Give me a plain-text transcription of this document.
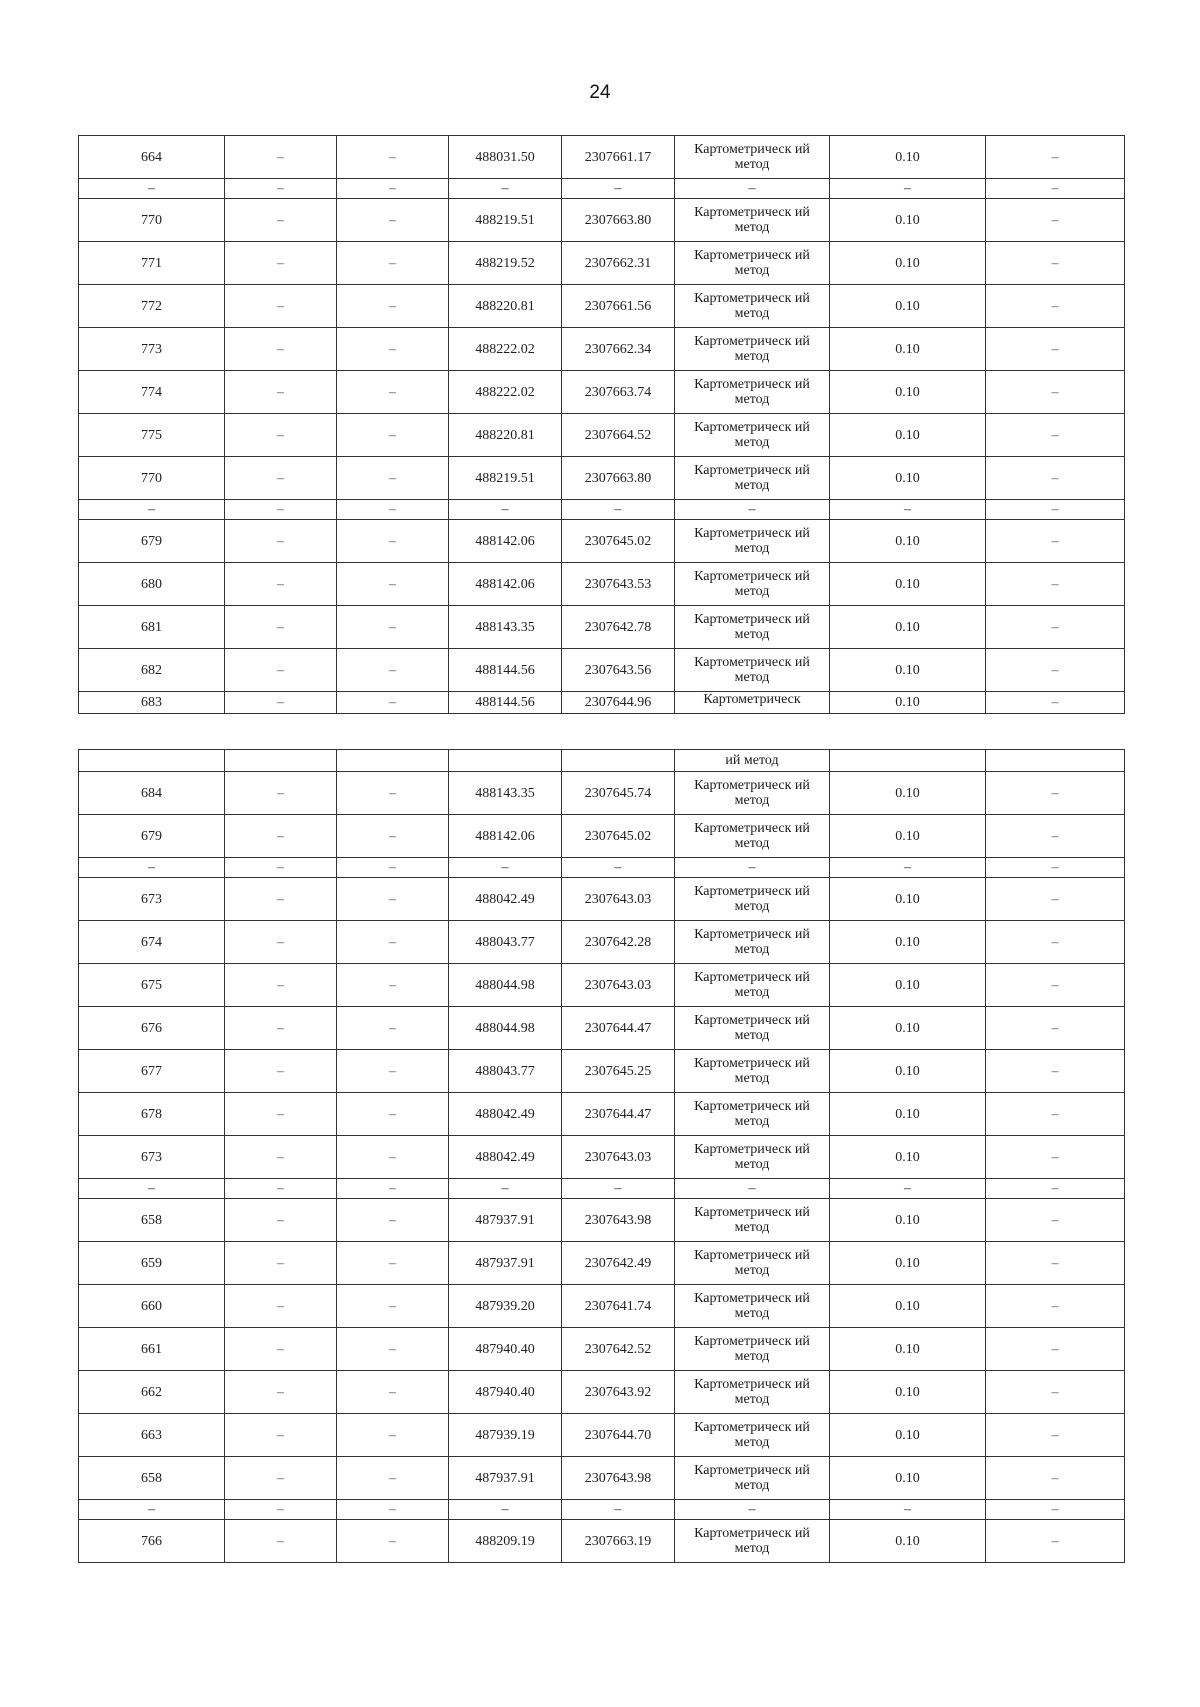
24
664	–	–	488031.50	2307661.17	Картометрическ ий метод	0.10	–
–	–	–	–	–	–	–	–
770	–	–	488219.51	2307663.80	Картометрическ ий метод	0.10	–
771	–	–	488219.52	2307662.31	Картометрическ ий метод	0.10	–
772	–	–	488220.81	2307661.56	Картометрическ ий метод	0.10	–
773	–	–	488222.02	2307662.34	Картометрическ ий метод	0.10	–
774	–	–	488222.02	2307663.74	Картометрическ ий метод	0.10	–
775	–	–	488220.81	2307664.52	Картометрическ ий метод	0.10	–
770	–	–	488219.51	2307663.80	Картометрическ ий метод	0.10	–
–	–	–	–	–	–	–	–
679	–	–	488142.06	2307645.02	Картометрическ ий метод	0.10	–
680	–	–	488142.06	2307643.53	Картометрическ ий метод	0.10	–
681	–	–	488143.35	2307642.78	Картометрическ ий метод	0.10	–
682	–	–	488144.56	2307643.56	Картометрическ ий метод	0.10	–
683	–	–	488144.56	2307644.96	Картометрическ	0.10	–
					ий метод		
684	–	–	488143.35	2307645.74	Картометрическ ий метод	0.10	–
679	–	–	488142.06	2307645.02	Картометрическ ий метод	0.10	–
–	–	–	–	–	–	–	–
673	–	–	488042.49	2307643.03	Картометрическ ий метод	0.10	–
674	–	–	488043.77	2307642.28	Картометрическ ий метод	0.10	–
675	–	–	488044.98	2307643.03	Картометрическ ий метод	0.10	–
676	–	–	488044.98	2307644.47	Картометрическ ий метод	0.10	–
677	–	–	488043.77	2307645.25	Картометрическ ий метод	0.10	–
678	–	–	488042.49	2307644.47	Картометрическ ий метод	0.10	–
673	–	–	488042.49	2307643.03	Картометрическ ий метод	0.10	–
–	–	–	–	–	–	–	–
658	–	–	487937.91	2307643.98	Картометрическ ий метод	0.10	–
659	–	–	487937.91	2307642.49	Картометрическ ий метод	0.10	–
660	–	–	487939.20	2307641.74	Картометрическ ий метод	0.10	–
661	–	–	487940.40	2307642.52	Картометрическ ий метод	0.10	–
662	–	–	487940.40	2307643.92	Картометрическ ий метод	0.10	–
663	–	–	487939.19	2307644.70	Картометрическ ий метод	0.10	–
658	–	–	487937.91	2307643.98	Картометрическ ий метод	0.10	–
–	–	–	–	–	–	–	–
766	–	–	488209.19	2307663.19	Картометрическ ий метод	0.10	–
